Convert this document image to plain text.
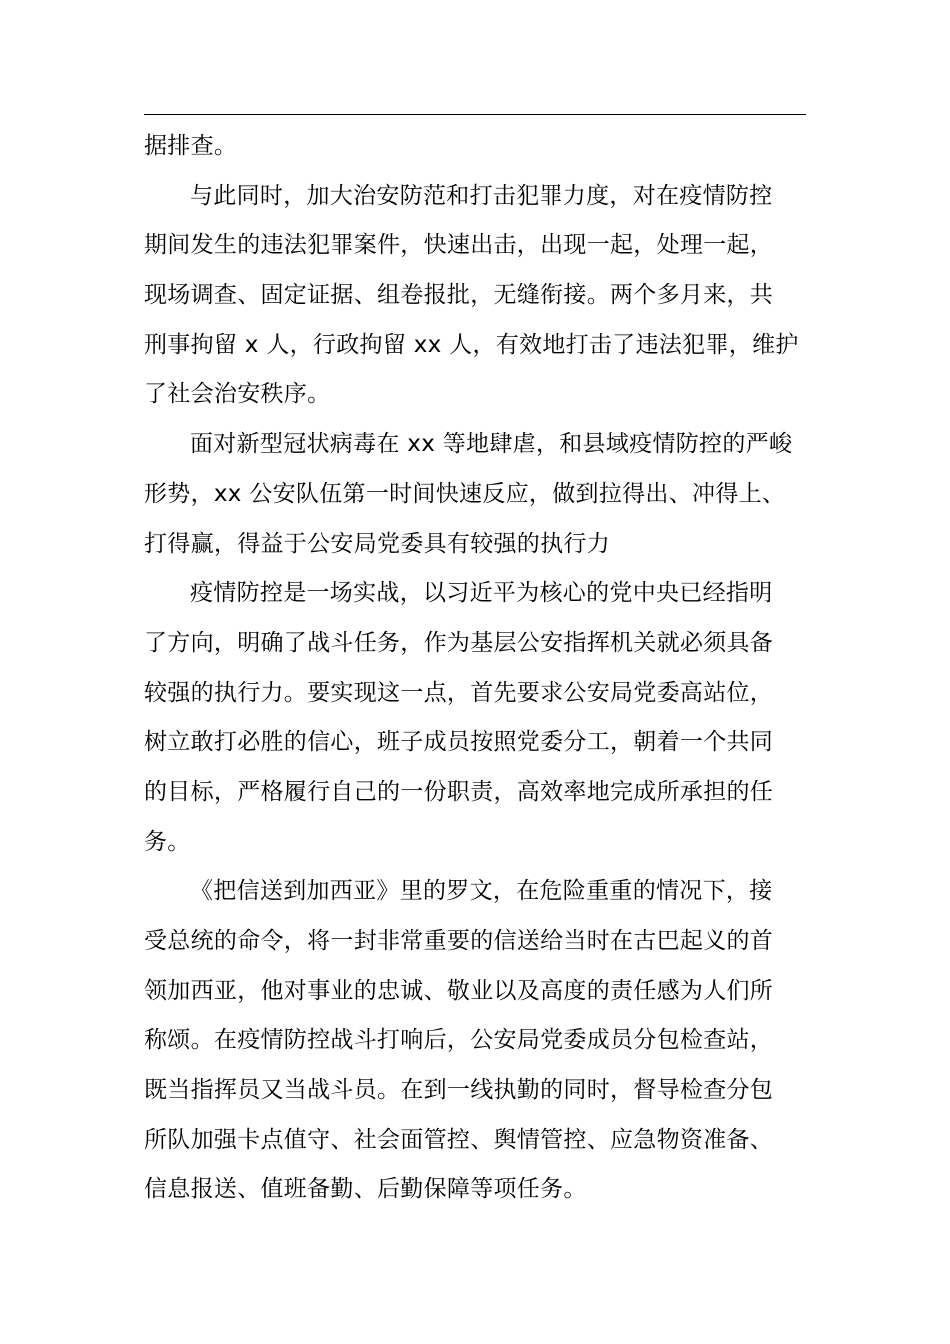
据排查。

与此同时，加大治安防范和打击犯罪力度，对在疫情防控
期间发生的违法犯罪案件，快速出击，出现一起，处理一起，
现场调查、固定证据、组卷报批，无缝衔接。两个多月来，共
刑事拘留 x 人，行政拘留 xx 人，有效地打击了违法犯罪，维护
了社会治安秩序。

面对新型冠状病毒在 xx 等地肆虐，和县域疫情防控的严峻
形势，xx 公安队伍第一时间快速反应，做到拉得出、冲得上、
打得赢，得益于公安局党委具有较强的执行力

疫情防控是一场实战，以习近平为核心的党中央已经指明
了方向，明确了战斗任务，作为基层公安指挥机关就必须具备
较强的执行力。要实现这一点，首先要求公安局党委高站位，
树立敢打必胜的信心，班子成员按照党委分工，朝着一个共同
的目标，严格履行自己的一份职责，高效率地完成所承担的任
务。

《把信送到加西亚》里的罗文，在危险重重的情况下，接
受总统的命令，将一封非常重要的信送给当时在古巴起义的首
领加西亚，他对事业的忠诚、敬业以及高度的责任感为人们所
称颂。在疫情防控战斗打响后，公安局党委成员分包检查站，
既当指挥员又当战斗员。在到一线执勤的同时，督导检查分包
所队加强卡点值守、社会面管控、舆情管控、应急物资准备、
信息报送、值班备勤、后勤保障等项任务。
